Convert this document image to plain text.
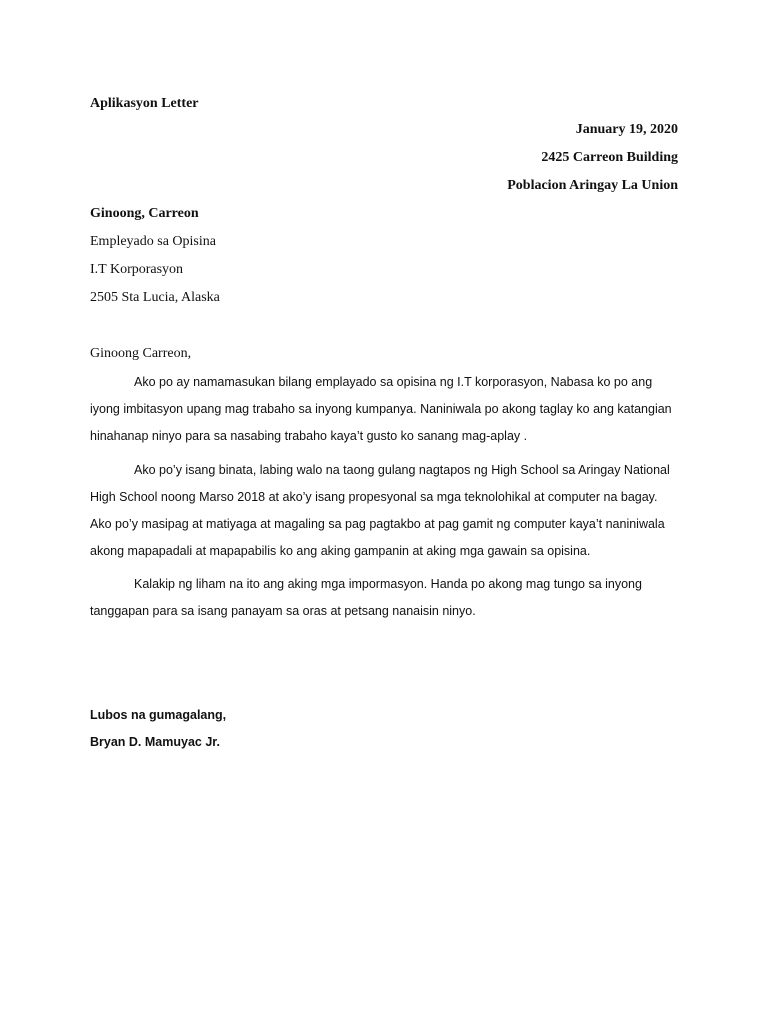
Aplikasyon Letter
January 19, 2020
2425 Carreon Building
Poblacion Aringay La Union
Ginoong, Carreon
Empleyado sa Opisina
I.T Korporasyon
2505 Sta Lucia, Alaska
Ginoong Carreon,
Ako po ay namamasukan bilang emplayado sa opisina ng I.T korporasyon, Nabasa ko po ang
iyong imbitasyon upang mag trabaho sa inyong kumpanya. Naniniwala po akong taglay ko ang katangian
hinahanap ninyo para sa nasabing trabaho kaya’t gusto ko sanang mag-aplay .
Ako po’y isang binata, labing walo na taong gulang nagtapos ng High School sa Aringay National
High School noong Marso 2018 at ako’y isang propesyonal sa mga teknolohikal at computer na bagay.
Ako po’y masipag at matiyaga at magaling sa pag pagtakbo at pag gamit ng computer kaya’t naniniwala
akong mapapadali at mapapabilis ko ang aking gampanin at aking mga gawain sa opisina.
Kalakip ng liham na ito ang aking mga impormasyon. Handa po akong mag tungo sa inyong
tanggapan para sa isang panayam sa oras at petsang nanaisin ninyo.
Lubos na gumagalang,
Bryan D. Mamuyac Jr.
